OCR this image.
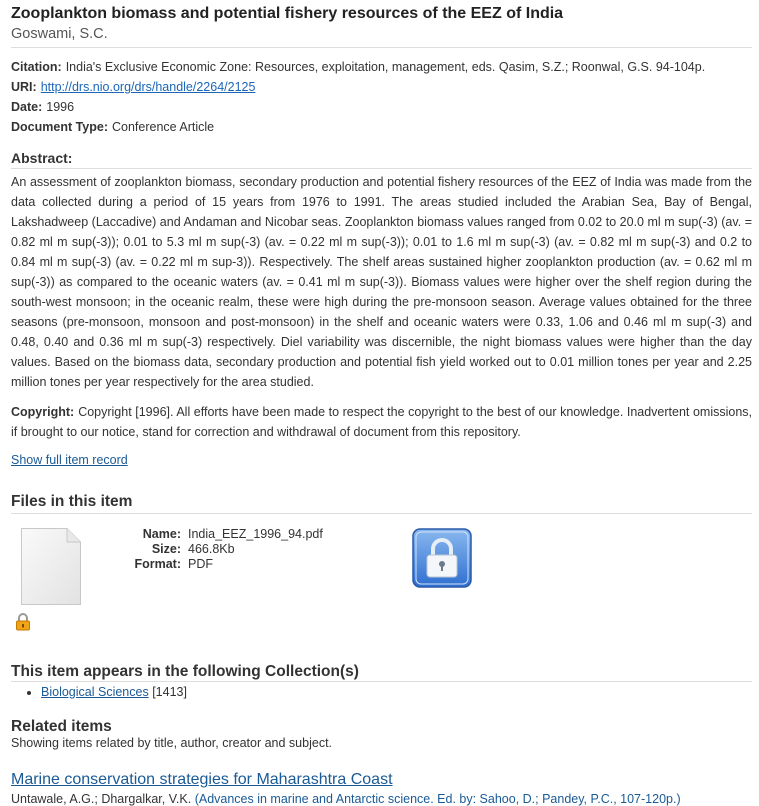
Zooplankton biomass and potential fishery resources of the EEZ of India
Goswami, S.C.
Citation: India's Exclusive Economic Zone: Resources, exploitation, management, eds. Qasim, S.Z.; Roonwal, G.S. 94-104p.
URI: http://drs.nio.org/drs/handle/2264/2125
Date: 1996
Document Type: Conference Article
Abstract:

An assessment of zooplankton biomass, secondary production and potential fishery resources of the EEZ of India was made from the data collected during a period of 15 years from 1976 to 1991. The areas studied included the Arabian Sea, Bay of Bengal, Lakshadweep (Laccadive) and Andaman and Nicobar seas. Zooplankton biomass values ranged from 0.02 to 20.0 ml m sup(-3) (av. = 0.82 ml m sup(-3)); 0.01 to 5.3 ml m sup(-3) (av. = 0.22 ml m sup(-3)); 0.01 to 1.6 ml m sup(-3) (av. = 0.82 ml m sup(-3) and 0.2 to 0.84 ml m sup(-3) (av. = 0.22 ml m sup-3)). Respectively. The shelf areas sustained higher zooplankton production (av. = 0.62 ml m sup(-3)) as compared to the oceanic waters (av. = 0.41 ml m sup(-3)). Biomass values were higher over the shelf region during the south-west monsoon; in the oceanic realm, these were high during the pre-monsoon season. Average values obtained for the three seasons (pre-monsoon, monsoon and post-monsoon) in the shelf and oceanic waters were 0.33, 1.06 and 0.46 ml m sup(-3) and 0.48, 0.40 and 0.36 ml m sup(-3) respectively. Diel variability was discernible, the night biomass values were higher than the day values. Based on the biomass data, secondary production and potential fish yield worked out to 0.01 million tones per year and 2.25 million tones per year respectively for the area studied.

Copyright: Copyright [1996]. All efforts have been made to respect the copyright to the best of our knowledge. Inadvertent omissions, if brought to our notice, stand for correction and withdrawal of document from this repository.

Show full item record
Files in this item
Name: India_EEZ_1996_94.pdf
Size: 466.8Kb
Format: PDF
This item appears in the following Collection(s)
• Biological Sciences [1413]
Related items
Showing items related by title, author, creator and subject.
Marine conservation strategies for Maharashtra Coast
Untawale, A.G.; Dhargalkar, V.K. (Advances in marine and Antarctic science. Ed. by: Sahoo, D.; Pandey, P.C., 107-120p.)
